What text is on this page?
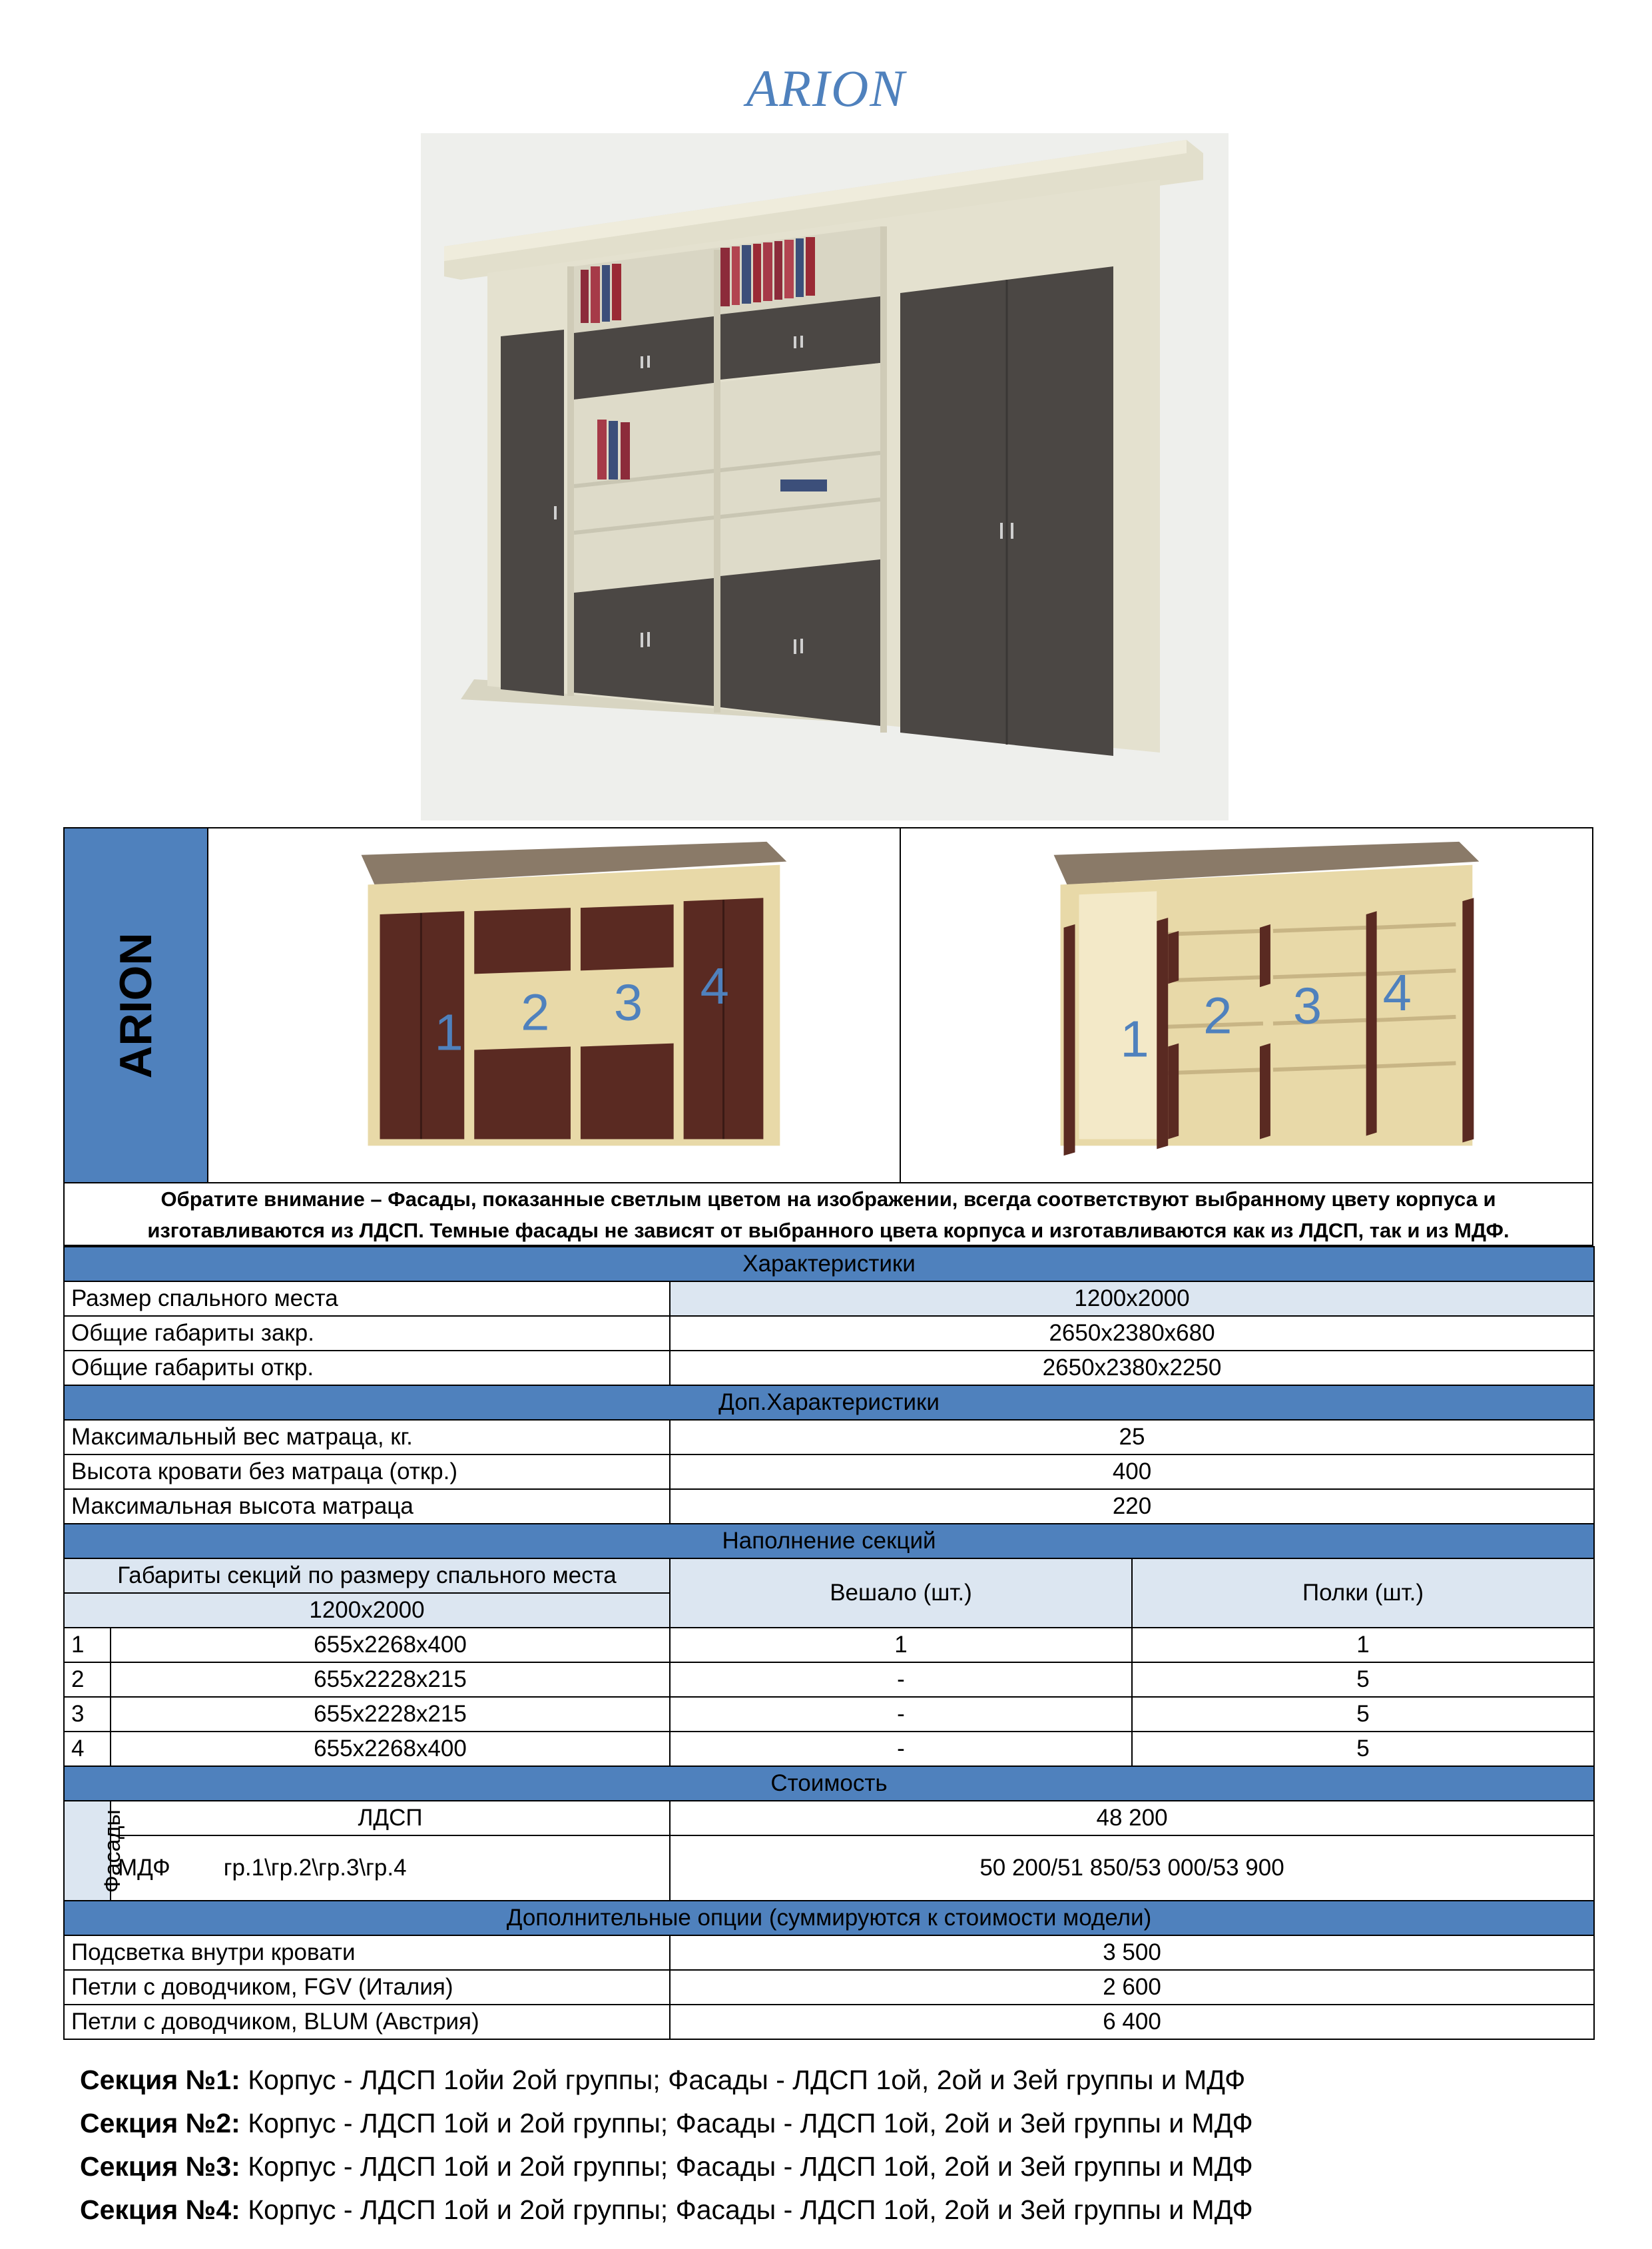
ARION
ARION	1 2 3 4
1 2 3 4
Обратите внимание – Фасады, показанные светлым цветом на изображении, всегда соответствуют выбранному цвету корпуса и
изготавливаются из ЛДСП. Темные фасады не зависят от выбранного цвета корпуса и изготавливаются как из ЛДСП, так и из МДФ.
Характеристики			
Размер спального места		1200х2000	
Общие габариты закр.		2650х2380х680	
Общие габариты откр.		2650х2380х2250	
Доп.Характеристики			
Максимальный вес матраца, кг.		25	
Высота кровати без матраца (откр.)		400	
Максимальная высота матраца		220	
Наполнение секций			
Габариты секций по размеру спального места		Вешало (шт.)	Полки (шт.)
1200х2000			
1	655х2268х400	1	1
2	655х2228х215	-	5
3	655х2228х215	-	5
4	655х2268х400	-	5
Стоимость			
Фасады	ЛДСП	48 200	

	МДФ гр.1\гр.2\гр.3\гр.4	50 200/51 850/53 000/53 900	
Дополнительные опции (суммируются к стоимости модели)			
Подсветка внутри кровати		3 500	
Петли с доводчиком, FGV (Италия)		2 600	
Петли с доводчиком, BLUM (Австрия)		6 400	
Секция №1: Корпус - ЛДСП 1ойи 2ой группы; Фасады - ЛДСП 1ой, 2ой и 3ей группы и МДФ
Секция №2: Корпус - ЛДСП 1ой и 2ой группы; Фасады - ЛДСП 1ой, 2ой и 3ей группы и МДФ
Секция №3: Корпус - ЛДСП 1ой и 2ой группы; Фасады - ЛДСП 1ой, 2ой и 3ей группы и МДФ
Секция №4: Корпус - ЛДСП 1ой и 2ой группы; Фасады - ЛДСП 1ой, 2ой и 3ей группы и МДФ
